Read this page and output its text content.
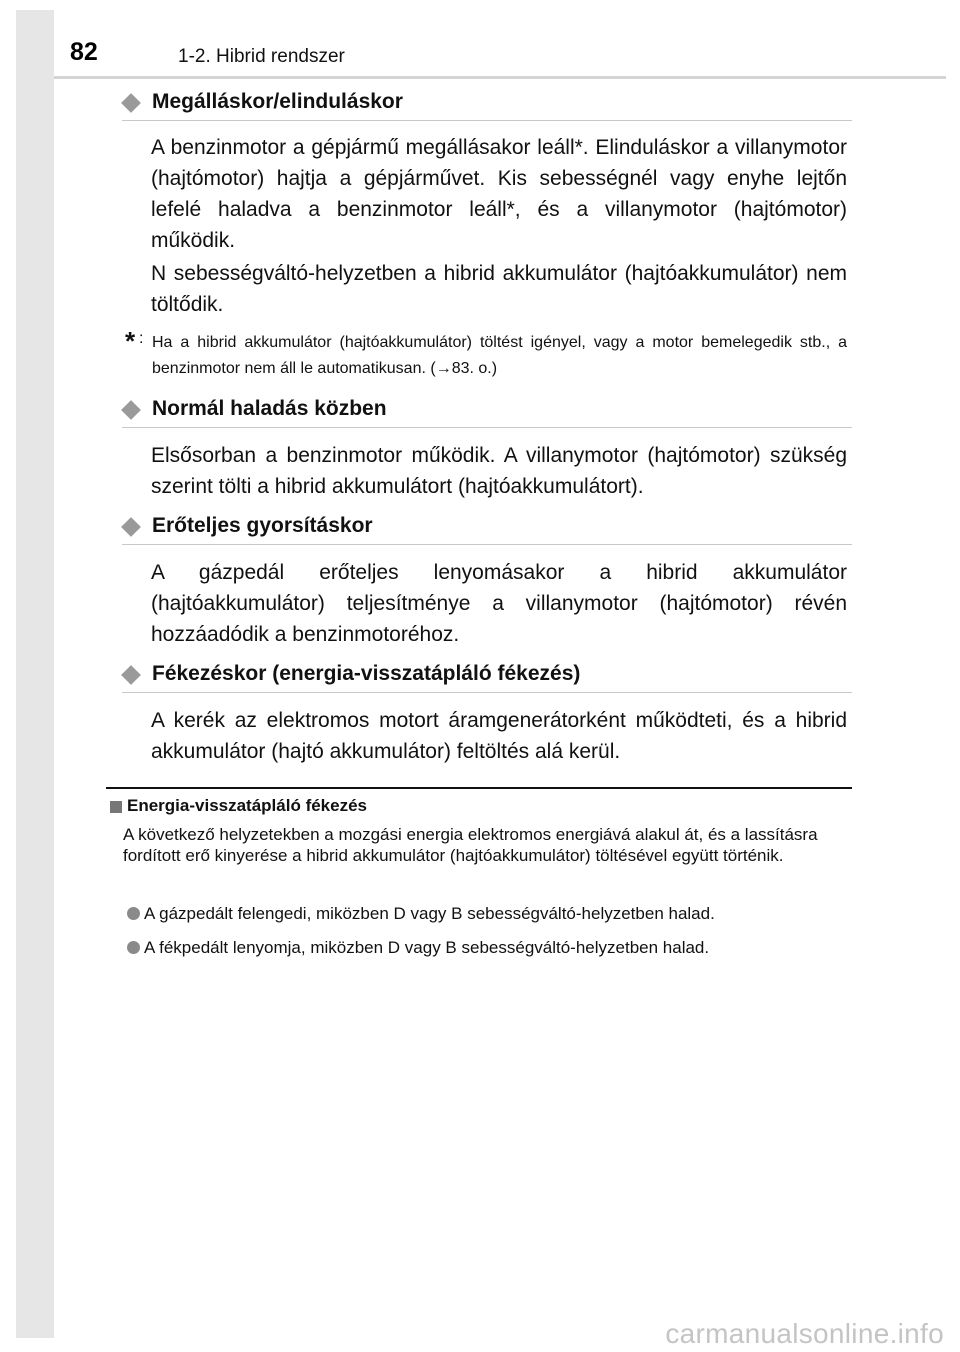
82	1-2. Hibrid rendszer
Megálláskor/elinduláskor
A benzinmotor a gépjármű megállásakor leáll*. Elinduláskor a villanymotor (hajtómotor) hajtja a gépjárművet. Kis sebességnél vagy enyhe lejtőn lefelé haladva a benzinmotor leáll*, és a villanymotor (hajtómotor) működik.
N sebességváltó-helyzetben a hibrid akkumulátor (hajtóakkumulátor) nem töltődik.
* : Ha a hibrid akkumulátor (hajtóakkumulátor) töltést igényel, vagy a motor bemelegedik stb., a benzinmotor nem áll le automatikusan. (→83. o.)
Normál haladás közben
Elsősorban a benzinmotor működik. A villanymotor (hajtómotor) szükség szerint tölti a hibrid akkumulátort (hajtóakkumulátort).
Erőteljes gyorsításkor
A gázpedál erőteljes lenyomásakor a hibrid akkumulátor (hajtóakkumulátor) teljesítménye a villanymotor (hajtómotor) révén hozzáadódik a benzinmotoréhoz.
Fékezéskor (energia-visszatápláló fékezés)
A kerék az elektromos motort áramgenerátorként működteti, és a hibrid akkumulátor (hajtó akkumulátor) feltöltés alá kerül.
Energia-visszatápláló fékezés
A következő helyzetekben a mozgási energia elektromos energiává alakul át, és a lassításra fordított erő kinyerése a hibrid akkumulátor (hajtóakkumulátor) töltésével együtt történik.
A gázpedált felengedi, miközben D vagy B sebességváltó-helyzetben halad.
A fékpedált lenyomja, miközben D vagy B sebességváltó-helyzetben halad.
carmanualsonline.info
